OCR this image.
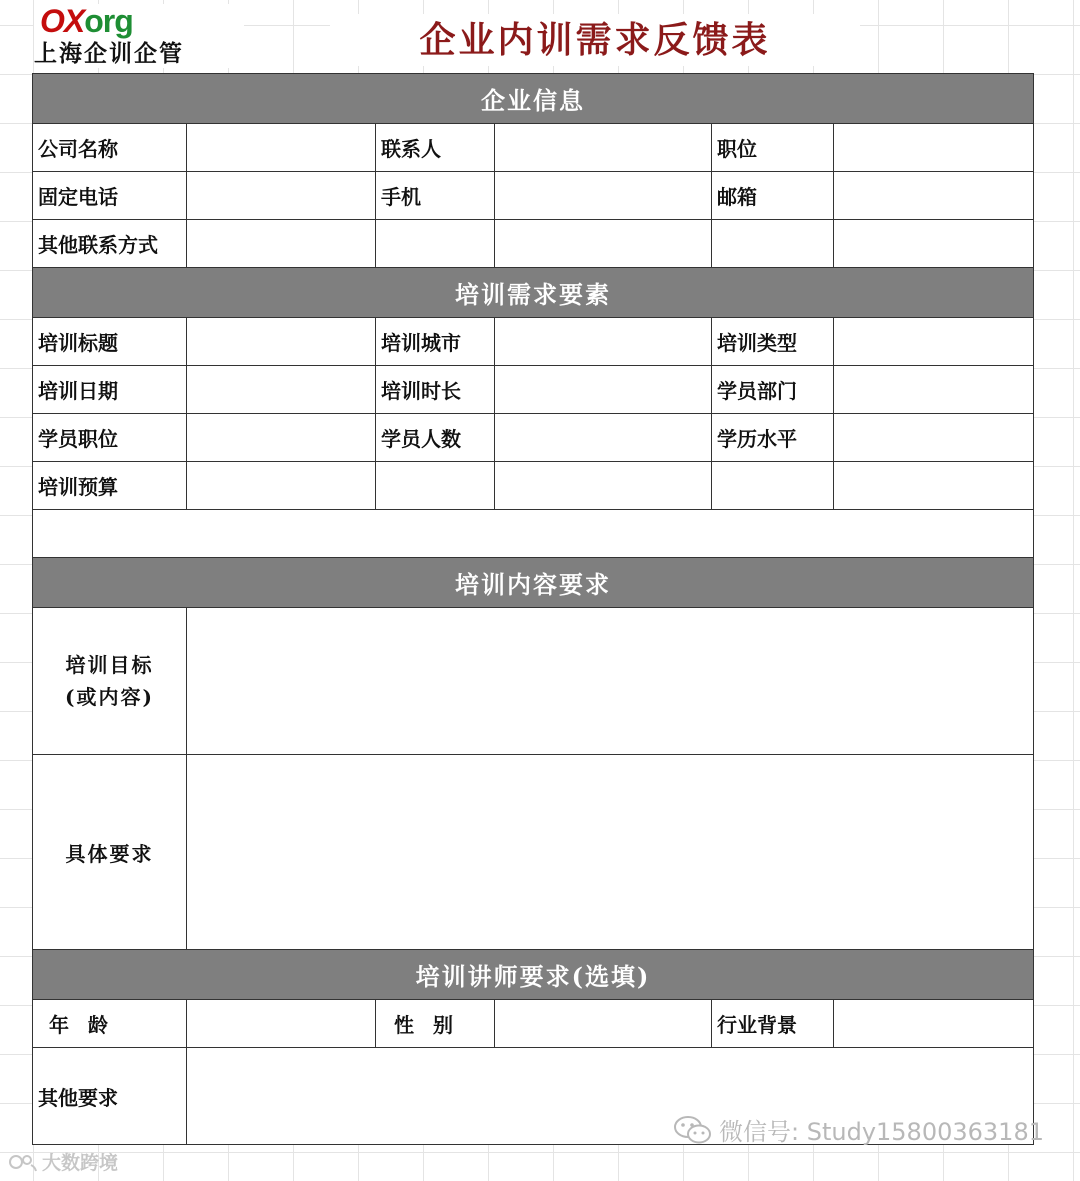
OXorg
上海企训企管	企业内训需求反馈表
企业信息					
公司名称		联系人		职位	
固定电话		手机		邮箱	
其他联系方式					
培训需求要素					
培训标题		培训城市		培训类型	
培训日期		培训时长		学员部门	
学员职位		学员人数		学历水平	
培训预算					

培训内容要求					

培训目标
(或内容)					

具体要求					
培训讲师要求(选填)					
年 龄		性 别		行业背景	
其他要求					
微信号: Study15800363181
大数跨境
